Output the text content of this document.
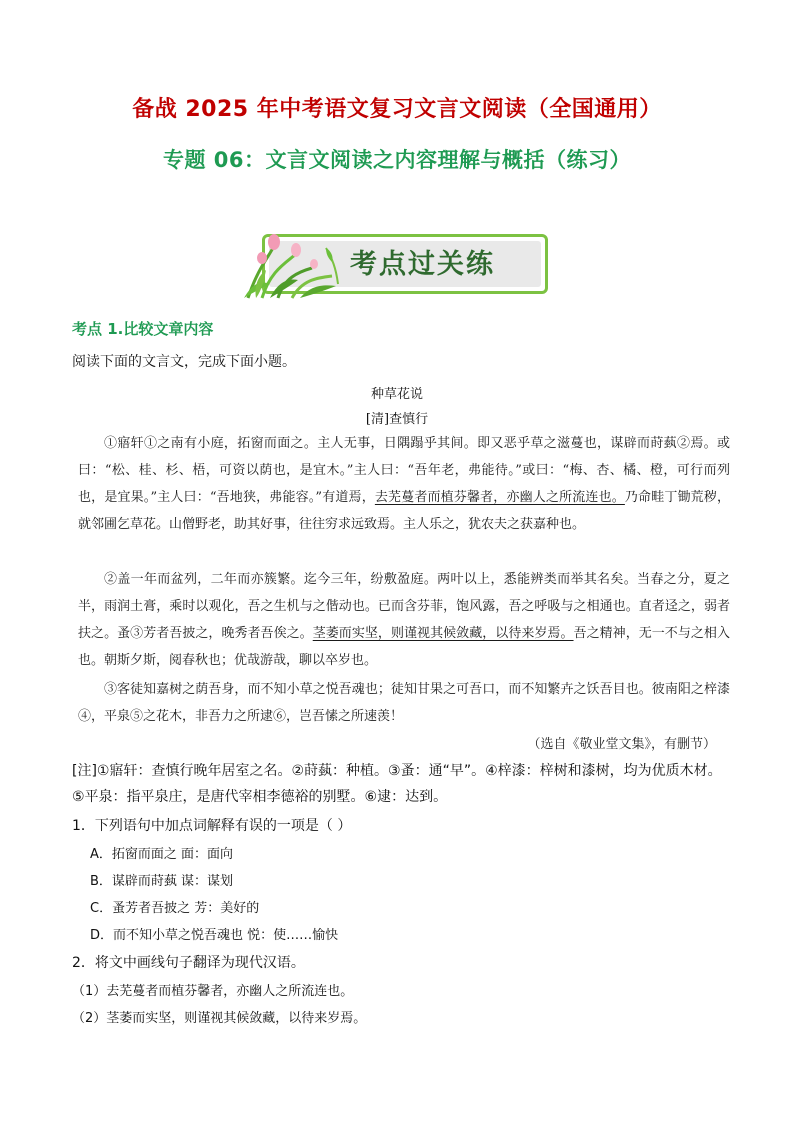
备战 2025 年中考语文复习文言文阅读（全国通用）
专题 06：文言文阅读之内容理解与概括（练习）
考点过关练
考点 1.比较文章内容
阅读下面的文言文，完成下面小题。
种草花说
[清]查慎行
①寤轩①之南有小庭，拓窗而面之。主人无事，日隅蹋乎其间。即又恶乎草之滋蔓也，谋辟而莳蓺②焉。或曰：“松、桂、杉、梧，可资以荫也，是宜木。”主人曰：“吾年老，弗能待。”或曰：“梅、杏、橘、橙，可行而列也，是宜果。”主人曰：“吾地狭，弗能容。”有道焉，去芜蔓者而植芬馨者，亦幽人之所流连也。乃命畦丁锄荒秽，就邻圃乞草花。山僧野老，助其好事，往往穷求远致焉。主人乐之，犹农夫之获嘉种也。
②盖一年而盆列，二年而亦簇繁。迄今三年，纷敷盈庭。两叶以上，悉能辨类而举其名矣。当春之分，夏之半，雨润土膏，乘时以观化，吾之生机与之偕动也。已而含芬菲，饱风露，吾之呼吸与之相通也。直者迳之，弱者扶之。蚤③芳者吾披之，晚秀者吾俟之。茎萎而实坚，则谨视其候敛藏，以待来岁焉。吾之精神，无一不与之相入也。朝斯夕斯，阅春秋也；优哉游哉，聊以卒岁也。
③客徒知嘉树之荫吾身，而不知小草之悦吾魂也；徒知甘果之可吾口，而不知繁卉之饫吾目也。彼南阳之梓漆④，平泉⑤之花木，非吾力之所逮⑥，岂吾愫之所速羡！
（选自《敬业堂文集》，有删节）
[注]①寤轩：查慎行晚年居室之名。②莳蓺：种植。③蚤：通“早”。④梓漆：梓树和漆树，均为优质木材。
⑤平泉：指平泉庄，是唐代宰相李德裕的别墅。⑥逮：达到。
1．下列语句中加点词解释有误的一项是（ ）
A．拓窗而面之 面：面向
B．谋辟而莳蓺 谋：谋划
C．蚤芳者吾披之 芳：美好的
D．而不知小草之悦吾魂也 悦：使……愉快
2．将文中画线句子翻译为现代汉语。
（1）去芜蔓者而植芬馨者，亦幽人之所流连也。
（2）茎萎而实坚，则谨视其候敛藏，以待来岁焉。
